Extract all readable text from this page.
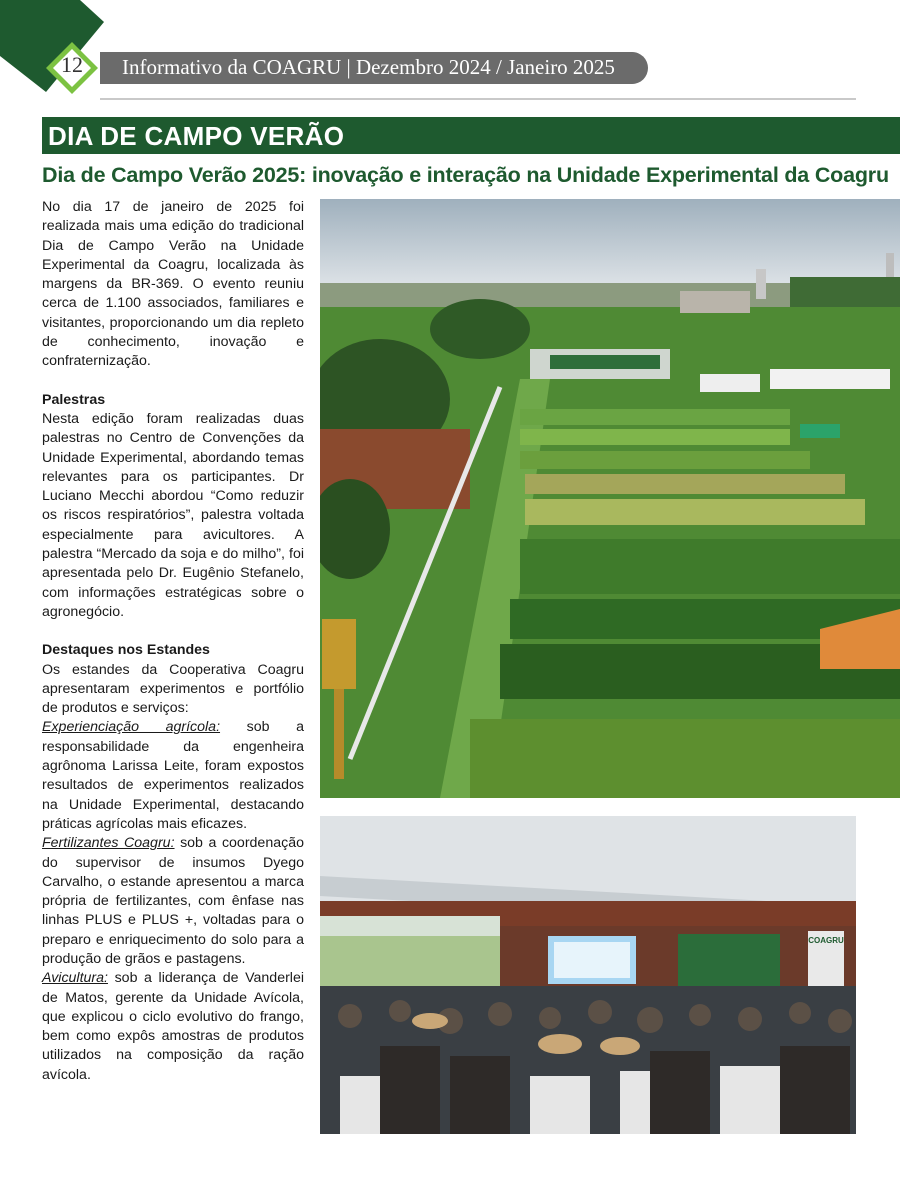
12	Informativo da COAGRU | Dezembro 2024 / Janeiro 2025
DIA DE CAMPO VERÃO
Dia de Campo Verão 2025: inovação e interação na Unidade Experimental da Coagru

No dia 17 de janeiro de 2025 foi realizada mais uma edição do tradicional Dia de Campo Verão na Unidade Experimental da Coagru, localizada às margens da BR-369. O evento reuniu cerca de 1.100 associados, familiares e visitantes, proporcionando um dia repleto de conhecimento, inovação e confraternização.

Palestras

Nesta edição foram realizadas duas palestras no Centro de Convenções da Unidade Experimental, abordando temas relevantes para os participantes. Dr Luciano Mecchi abordou “Como reduzir os riscos respiratórios”, palestra voltada especialmente para avicultores. A palestra “Mercado da soja e do milho”, foi apresentada pelo Dr. Eugênio Stefanelo, com informações estratégicas sobre o agronegócio.

Destaques nos Estandes

Os estandes da Cooperativa Coagru apresentaram experimentos e portfólio de produtos e serviços:

Experienciação agrícola: sob a responsabilidade da engenheira agrônoma Larissa Leite, foram expostos resultados de experimentos realizados na Unidade Experimental, destacando práticas agrícolas mais eficazes.

Fertilizantes Coagru: sob a coordenação do supervisor de insumos Dyego Carvalho, o estande apresentou a marca própria de fertilizantes, com ênfase nas linhas PLUS e PLUS +, voltadas para o preparo e enriquecimento do solo para a produção de grãos e pastagens.

Avicultura: sob a liderança de Vanderlei de Matos, gerente da Unidade Avícola, que explicou o ciclo evolutivo do frango, bem como expôs amostras de produtos utilizados na composição da ração avícola.

COAGRU
